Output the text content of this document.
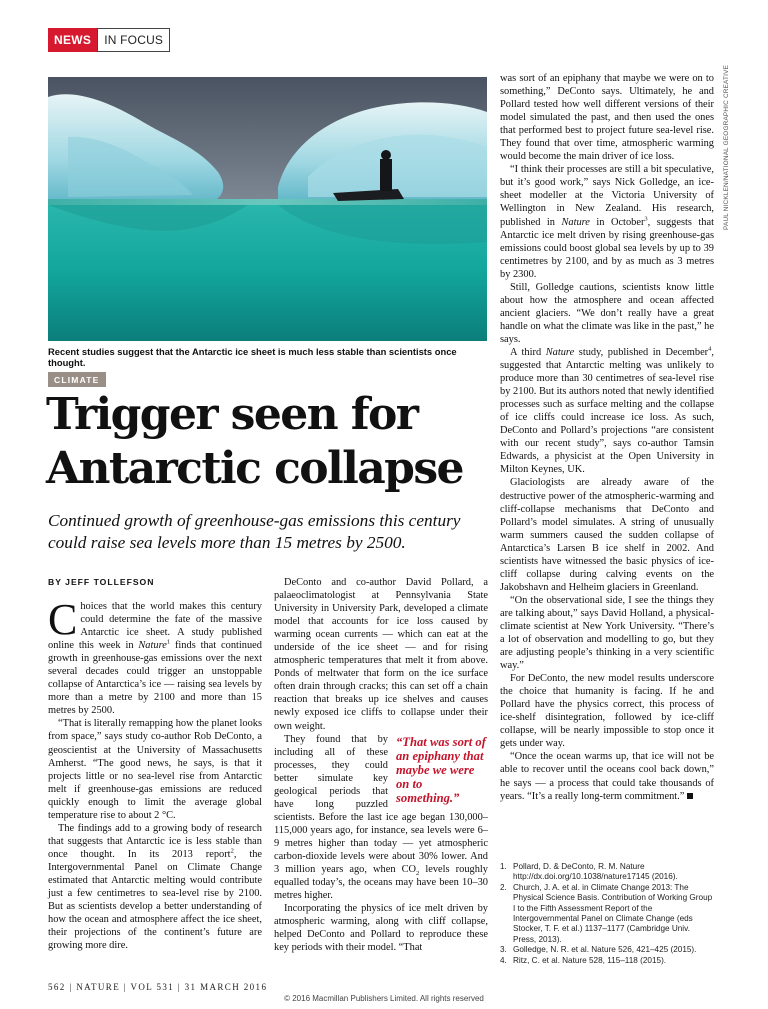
NEWS	IN FOCUS
Recent studies suggest that the Antarctic ice sheet is much less stable than scientists once thought.
PAUL NICKLEN/NATIONAL GEOGRAPHIC CREATIVE
CLIMATE
Trigger seen for
Antarctic collapse
Continued growth of greenhouse-gas emissions this century could raise sea levels more than 15 metres by 2500.
BY JEFF TOLLEFSON

Choices that the world makes this century could determine the fate of the massive Antarctic ice sheet. A study published online this week in Nature$^1$ finds that continued growth in greenhouse-gas emissions over the next several decades could trigger an unstoppable collapse of Antarctica’s ice — raising sea levels by more than a metre by 2100 and more than 15 metres by 2500.

“That is literally remapping how the planet looks from space,” says study co-author Rob DeConto, a geoscientist at the University of Massachusetts Amherst. “The good news, he says, is that it projects little or no sea-level rise from Antarctic melt if greenhouse-gas emissions are reduced quickly enough to limit the average global temperature rise to about 2 °C.

The findings add to a growing body of research that suggests that Antarctic ice is less stable than once thought. In its 2013 report$^2$, the Intergovernmental Panel on Climate Change estimated that Antarctic melting would contribute just a few centimetres to sea-level rise by 2100. But as scientists develop a better understanding of how the ocean and atmosphere affect the ice sheet, their projections of the continent’s future are growing more dire.

DeConto and co-author David Pollard, a palaeoclimatologist at Pennsylvania State University in University Park, developed a climate model that accounts for ice loss caused by warming ocean currents — which can eat at the underside of the ice sheet — and for rising atmospheric temperatures that melt it from above. Ponds of meltwater that form on the ice surface often drain through cracks; this can set off a chain reaction that breaks up ice shelves and causes newly exposed ice cliffs to collapse under their own weight.

“That was sort of an epiphany that maybe we were on to something.”
They found that by including all of these processes, they could better simulate key geological periods that have long puzzled scientists. Before the last ice age began 130,000–115,000 years ago, for instance, sea levels were 6–9 metres higher than today — yet atmospheric carbon-dioxide levels were about 30% lower. And 3 million years ago, when $CO_2$ levels roughly equalled today’s, the oceans may have been 10–30 metres higher.

Incorporating the physics of ice melt driven by atmospheric warming, along with cliff collapse, helped DeConto and Pollard to reproduce these key periods with their model. “That

was sort of an epiphany that maybe we were on to something,” DeConto says. Ultimately, he and Pollard tested how well different versions of their model simulated the past, and then used the ones that performed best to project future sea-level rise. They found that over time, atmospheric warming would become the main driver of ice loss.

“I think their processes are still a bit speculative, but it’s good work,” says Nick Golledge, an ice-sheet modeller at the Victoria University of Wellington in New Zealand. His research, published in Nature in October$^3$, suggests that Antarctic ice melt driven by rising greenhouse-gas emissions could boost global sea levels by up to 39 centimetres by 2100, and by as much as 3 metres by 2300.

Still, Golledge cautions, scientists know little about how the atmosphere and ocean affected ancient glaciers. “We don’t really have a great handle on what the climate was like in the past,” he says.

A third Nature study, published in December$^4$, suggested that Antarctic melting was unlikely to produce more than 30 centimetres of sea-level rise by 2100. But its authors noted that newly identified processes such as surface melting and the collapse of ice cliffs could increase ice loss. As such, DeConto and Pollard’s projections “are consistent with our recent study”, says co-author Tamsin Edwards, a physicist at the Open University in Milton Keynes, UK.

Glaciologists are already aware of the destructive power of the atmospheric-warming and cliff-collapse mechanisms that DeConto and Pollard’s model simulates. A string of unusually warm summers caused the sudden collapse of Antarctica’s Larsen B ice shelf in 2002. And scientists have witnessed the basic physics of ice-cliff collapse during calving events on the Jakobshavn and Helheim glaciers in Greenland.

“On the observational side, I see the things they are talking about,” says David Holland, a physical-climate scientist at New York University. “There’s a lot of observation and modelling to go, but they are adjusting people’s thinking in a very scientific way.”

For DeConto, the new model results underscore the choice that humanity is facing. If he and Pollard have the physics correct, this process of ice-shelf disintegration, followed by ice-cliff collapse, will be nearly impossible to stop once it gets under way.

“Once the ocean warms up, that ice will not be able to recover until the oceans cool back down,” he says — a process that could take thousands of years. “It’s a really long-term commitment.”

1. Pollard, D. & DeConto, R. M. Nature http://dx.doi.org/10.1038/nature17145 (2016).
2. Church, J. A. et al. in Climate Change 2013: The Physical Science Basis. Contribution of Working Group I to the Fifth Assessment Report of the Intergovernmental Panel on Climate Change (eds Stocker, T. F. et al.) 1137–1177 (Cambridge Univ. Press, 2013).
3. Golledge, N. R. et al. Nature 526, 421–425 (2015).
4. Ritz, C. et al. Nature 528, 115–118 (2015).
562 | NATURE | VOL 531 | 31 MARCH 2016
© 2016 Macmillan Publishers Limited. All rights reserved
